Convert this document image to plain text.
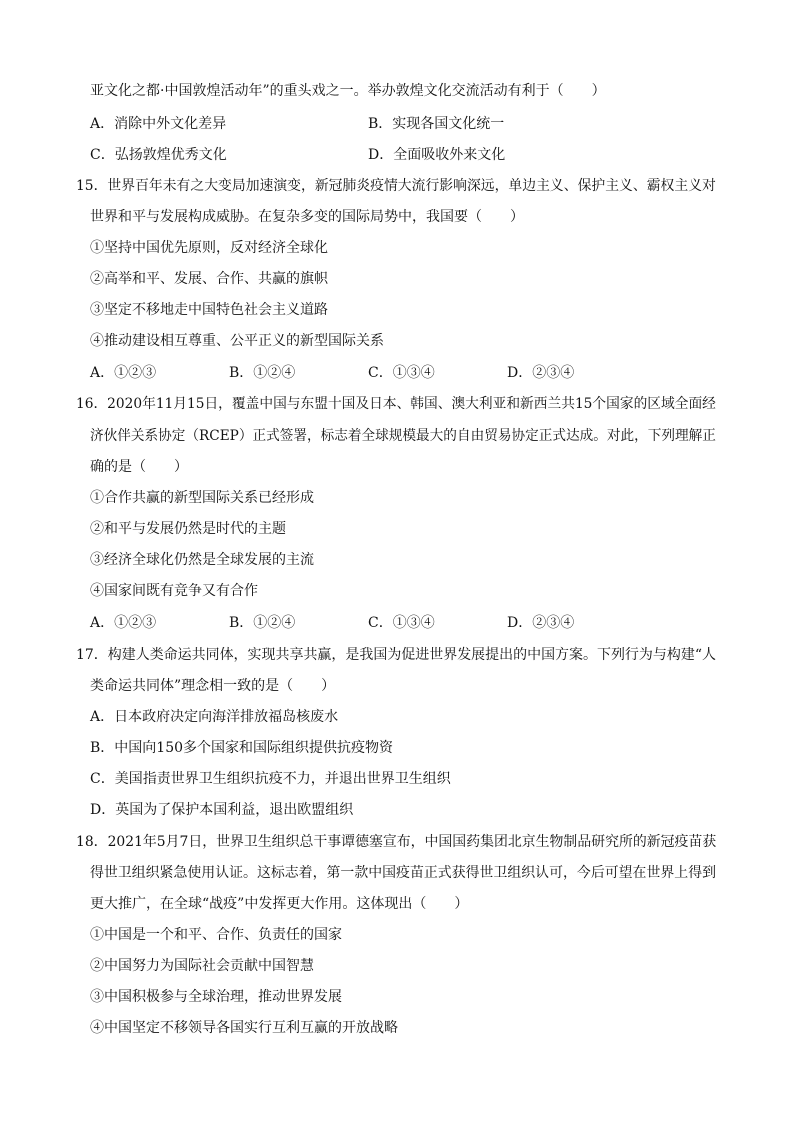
亚文化之都·中国敦煌活动年”的重头戏之一。举办敦煌文化交流活动有利于（　　）
A．消除中外文化差异	B．实现各国文化统一
C．弘扬敦煌优秀文化	D．全面吸收外来文化
15．世界百年未有之大变局加速演变，新冠肺炎疫情大流行影响深远，单边主义、保护主义、霸权主义对
世界和平与发展构成威胁。在复杂多变的国际局势中，我国要（　　）
①坚持中国优先原则，反对经济全球化
②高举和平、发展、合作、共赢的旗帜
③坚定不移地走中国特色社会主义道路
④推动建设相互尊重、公平正义的新型国际关系
A．①②③	B．①②④	C．①③④	D．②③④
16．2020年11月15日，覆盖中国与东盟十国及日本、韩国、澳大利亚和新西兰共15个国家的区域全面经
济伙伴关系协定（RCEP）正式签署，标志着全球规模最大的自由贸易协定正式达成。对此，下列理解正
确的是（　　）
①合作共赢的新型国际关系已经形成
②和平与发展仍然是时代的主题
③经济全球化仍然是全球发展的主流
④国家间既有竞争又有合作
A．①②③	B．①②④	C．①③④	D．②③④
17．构建人类命运共同体，实现共享共赢，是我国为促进世界发展提出的中国方案。下列行为与构建“人
类命运共同体”理念相一致的是（　　）
A．日本政府决定向海洋排放福岛核废水
B．中国向150多个国家和国际组织提供抗疫物资
C．美国指责世界卫生组织抗疫不力，并退出世界卫生组织
D．英国为了保护本国利益，退出欧盟组织
18．2021年5月7日，世界卫生组织总干事谭德塞宣布，中国国药集团北京生物制品研究所的新冠疫苗获
得世卫组织紧急使用认证。这标志着，第一款中国疫苗正式获得世卫组织认可，今后可望在世界上得到
更大推广，在全球“战疫”中发挥更大作用。这体现出（　　）
①中国是一个和平、合作、负责任的国家
②中国努力为国际社会贡献中国智慧
③中国积极参与全球治理，推动世界发展
④中国坚定不移领导各国实行互利互赢的开放战略
